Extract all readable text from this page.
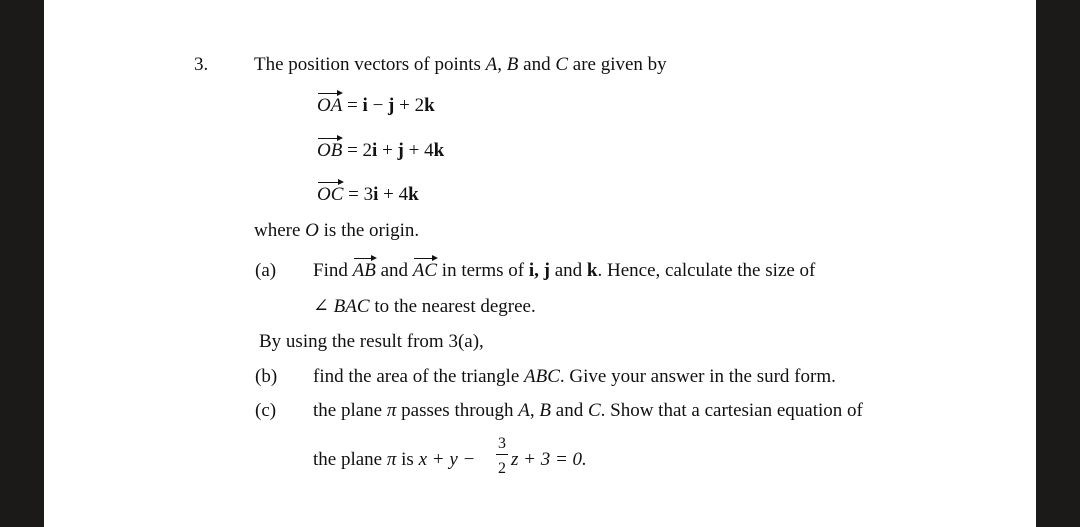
3. The position vectors of points A, B and C are given by
OA = i − j + 2k
OB = 2i + j + 4k
OC = 3i + 4k
where O is the origin.
(a) Find AB and AC in terms of i, j and k. Hence, calculate the size of
∠ BAC to the nearest degree.
By using the result from 3(a),
(b) find the area of the triangle ABC. Give your answer in the surd form.
(c) the plane π passes through A, B and C. Show that a cartesian equation of
the plane π is x + y −
3
2 z + 3 = 0.
